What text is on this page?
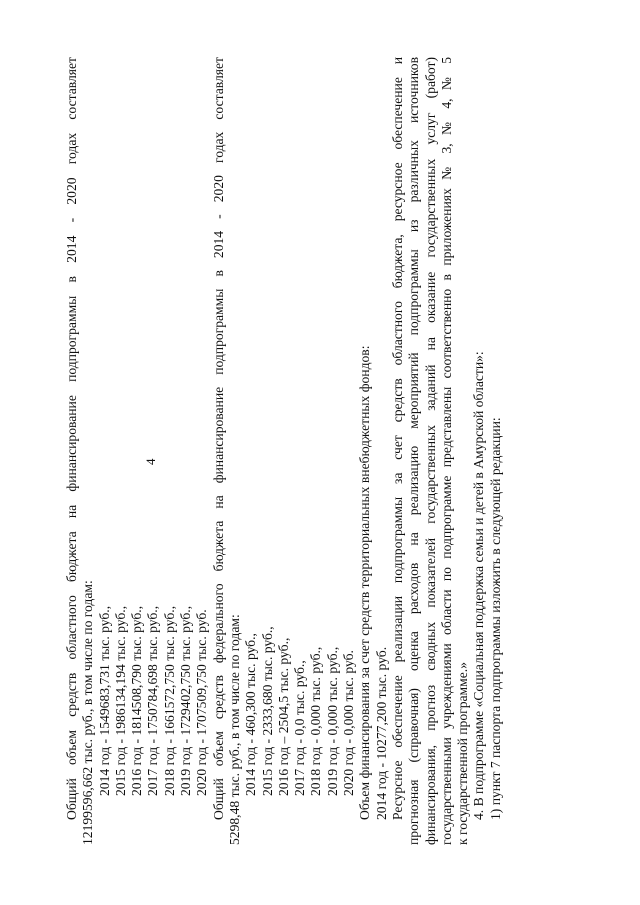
4
Общий объем средств областного бюджета на финансирование подпрограммы в 2014 - 2020 годах составляет 12199596,662 тыс. руб., в том числе по годам: 2014 год - 1549683,731 тыс. руб., 2015 год - 1986134,194 тыс. руб., 2016 год - 1814508,790 тыс. руб., 2017 год - 1750784,698 тыс. руб., 2018 год - 1661572,750 тыс. руб., 2019 год - 1729402,750 тыс. руб., 2020 год - 1707509,750 тыс. руб. Общий объем средств федерального бюджета на финансирование подпрограммы в 2014 - 2020 годах составляет 5298,48 тыс. руб., в том числе по годам: 2014 год - 460,300 тыс. руб., 2015 год - 2333,680 тыс. руб., 2016 год – 2504,5 тыс. руб., 2017 год - 0,0 тыс. руб., 2018 год - 0,000 тыс. руб., 2019 год - 0,000 тыс. руб., 2020 год - 0,000 тыс. руб. Объем финансирования за счет средств территориальных внебюджетных фондов: 2014 год - 10277,200 тыс. руб. Ресурсное обеспечение реализации подпрограммы за счет средств областного бюджета, ресурсное обеспечение и прогнозная (справочная) оценка расходов на реализацию мероприятий подпрограммы из различных источников финансирования, прогноз сводных показателей государственных заданий на оказание государственных услуг (работ) государственными учреждениями области по подпрограмме представлены соответственно в приложениях № 3, № 4, № 5 к государственной программе.» 4. В подпрограмме «Социальная поддержка семьи и детей в Амурской области»: 1) пункт 7 паспорта подпрограммы изложить в следующей редакции:
